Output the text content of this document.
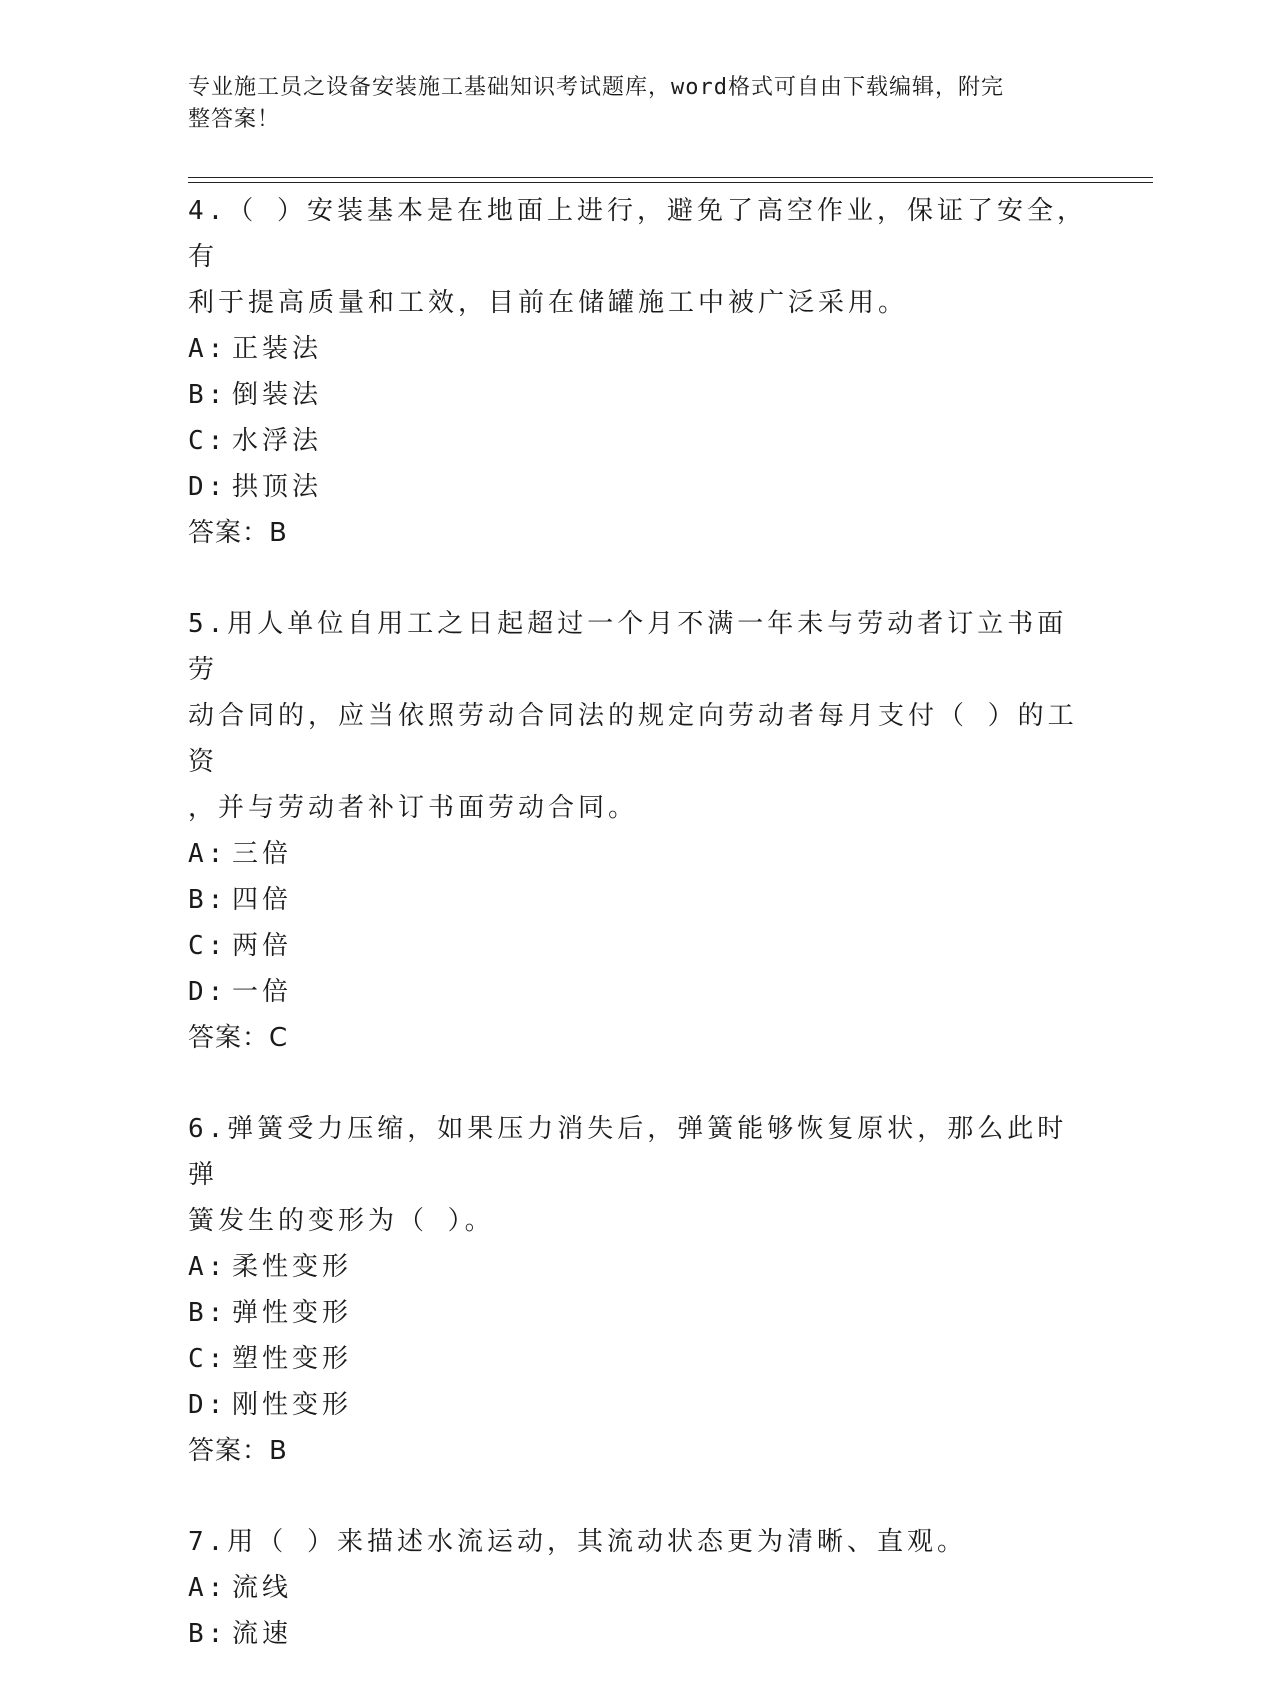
专业施工员之设备安装施工基础知识考试题库，word格式可自由下载编辑，附完
整答案！
4.（ ）安装基本是在地面上进行，避免了高空作业，保证了安全，有
利于提高质量和工效，目前在储罐施工中被广泛采用。
A: 正装法
B: 倒装法
C: 水浮法
D: 拱顶法
答案：B
5.用人单位自用工之日起超过一个月不满一年未与劳动者订立书面劳
动合同的，应当依照劳动合同法的规定向劳动者每月支付（ ）的工资
，并与劳动者补订书面劳动合同。
A: 三倍
B: 四倍
C: 两倍
D: 一倍
答案：C
6.弹簧受力压缩，如果压力消失后，弹簧能够恢复原状，那么此时弹
簧发生的变形为（ ）。
A: 柔性变形
B: 弹性变形
C: 塑性变形
D: 刚性变形
答案：B
7.用（ ）来描述水流运动，其流动状态更为清晰、直观。
A: 流线
B: 流速
